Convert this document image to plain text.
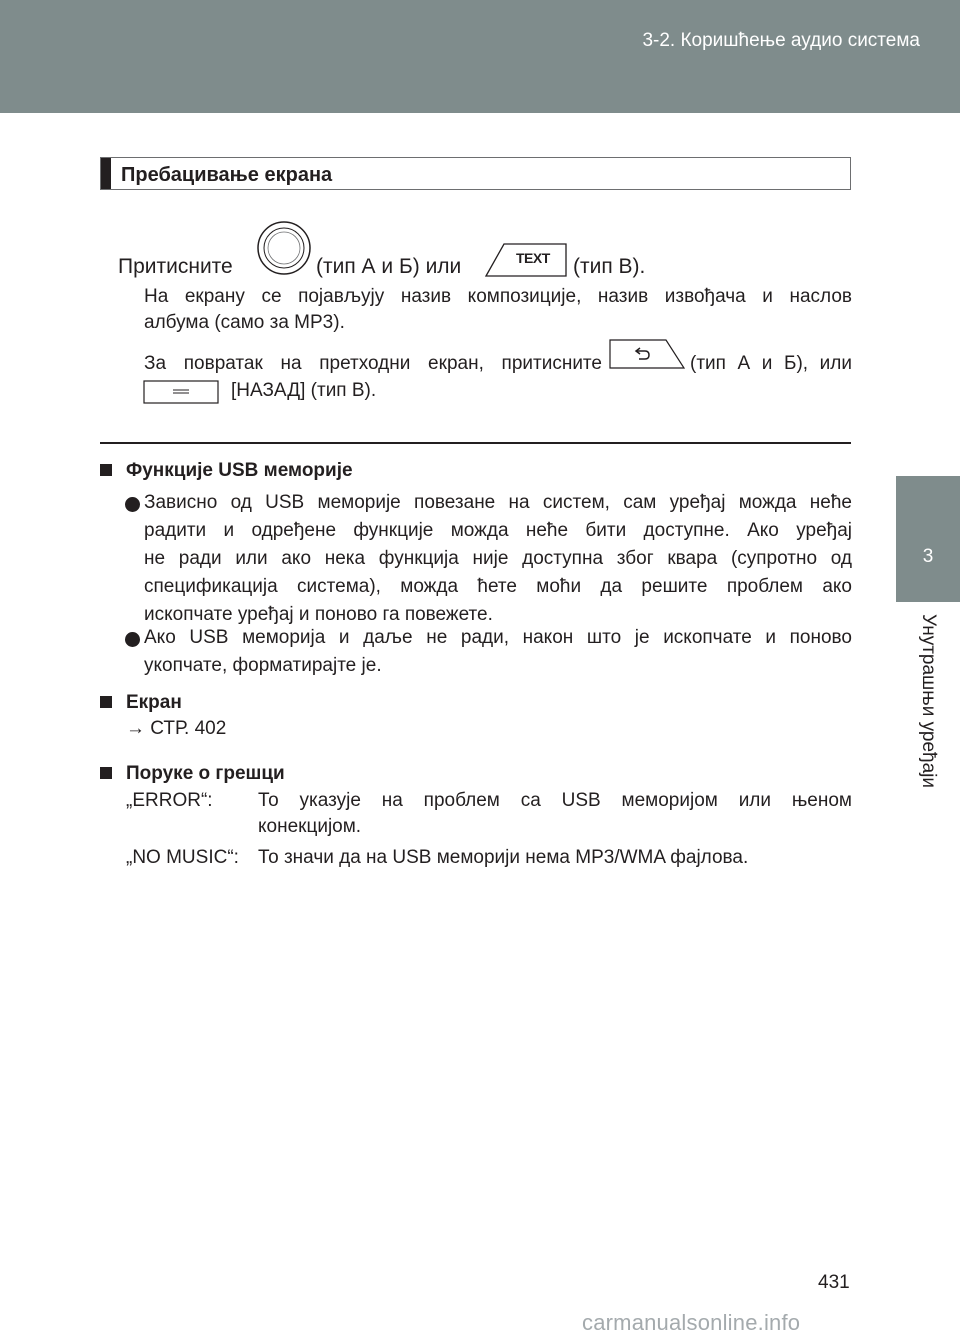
3-2. Коришћење аудио система
3
Унутрашњи уређаји
Пребацивање екрана
Притисните	(тип А и Б) или	TEXT (тип В).
На екрану се појављују назив композиције, назив извођача и наслов
албума (само за MP3).
За повратак на претходни екран, притисните	(тип А и Б), или
[НАЗАД] (тип В).
Функције USB меморије
Зависно од USB меморије повезане на систем, сам уређај можда неће
радити и одређене функције можда неће бити доступне. Ако уређај
не ради или ако нека функција није доступна због квара (супротно од
спецификација система), можда ћете моћи да решите проблем ако
ископчате уређај и поново га повежете.
Ако USB меморија и даље не ради, након што је ископчате и поново
укопчате, форматирајте је.
Екран
→ СТР. 402
Поруке о грешци
„ERROR“: То указује на проблем са USB меморијом или њеном
конекцијом.
„NO MUSIC“: То значи да на USB меморији нема MP3/WMA фајлова.
431
carmanualsonline.info
